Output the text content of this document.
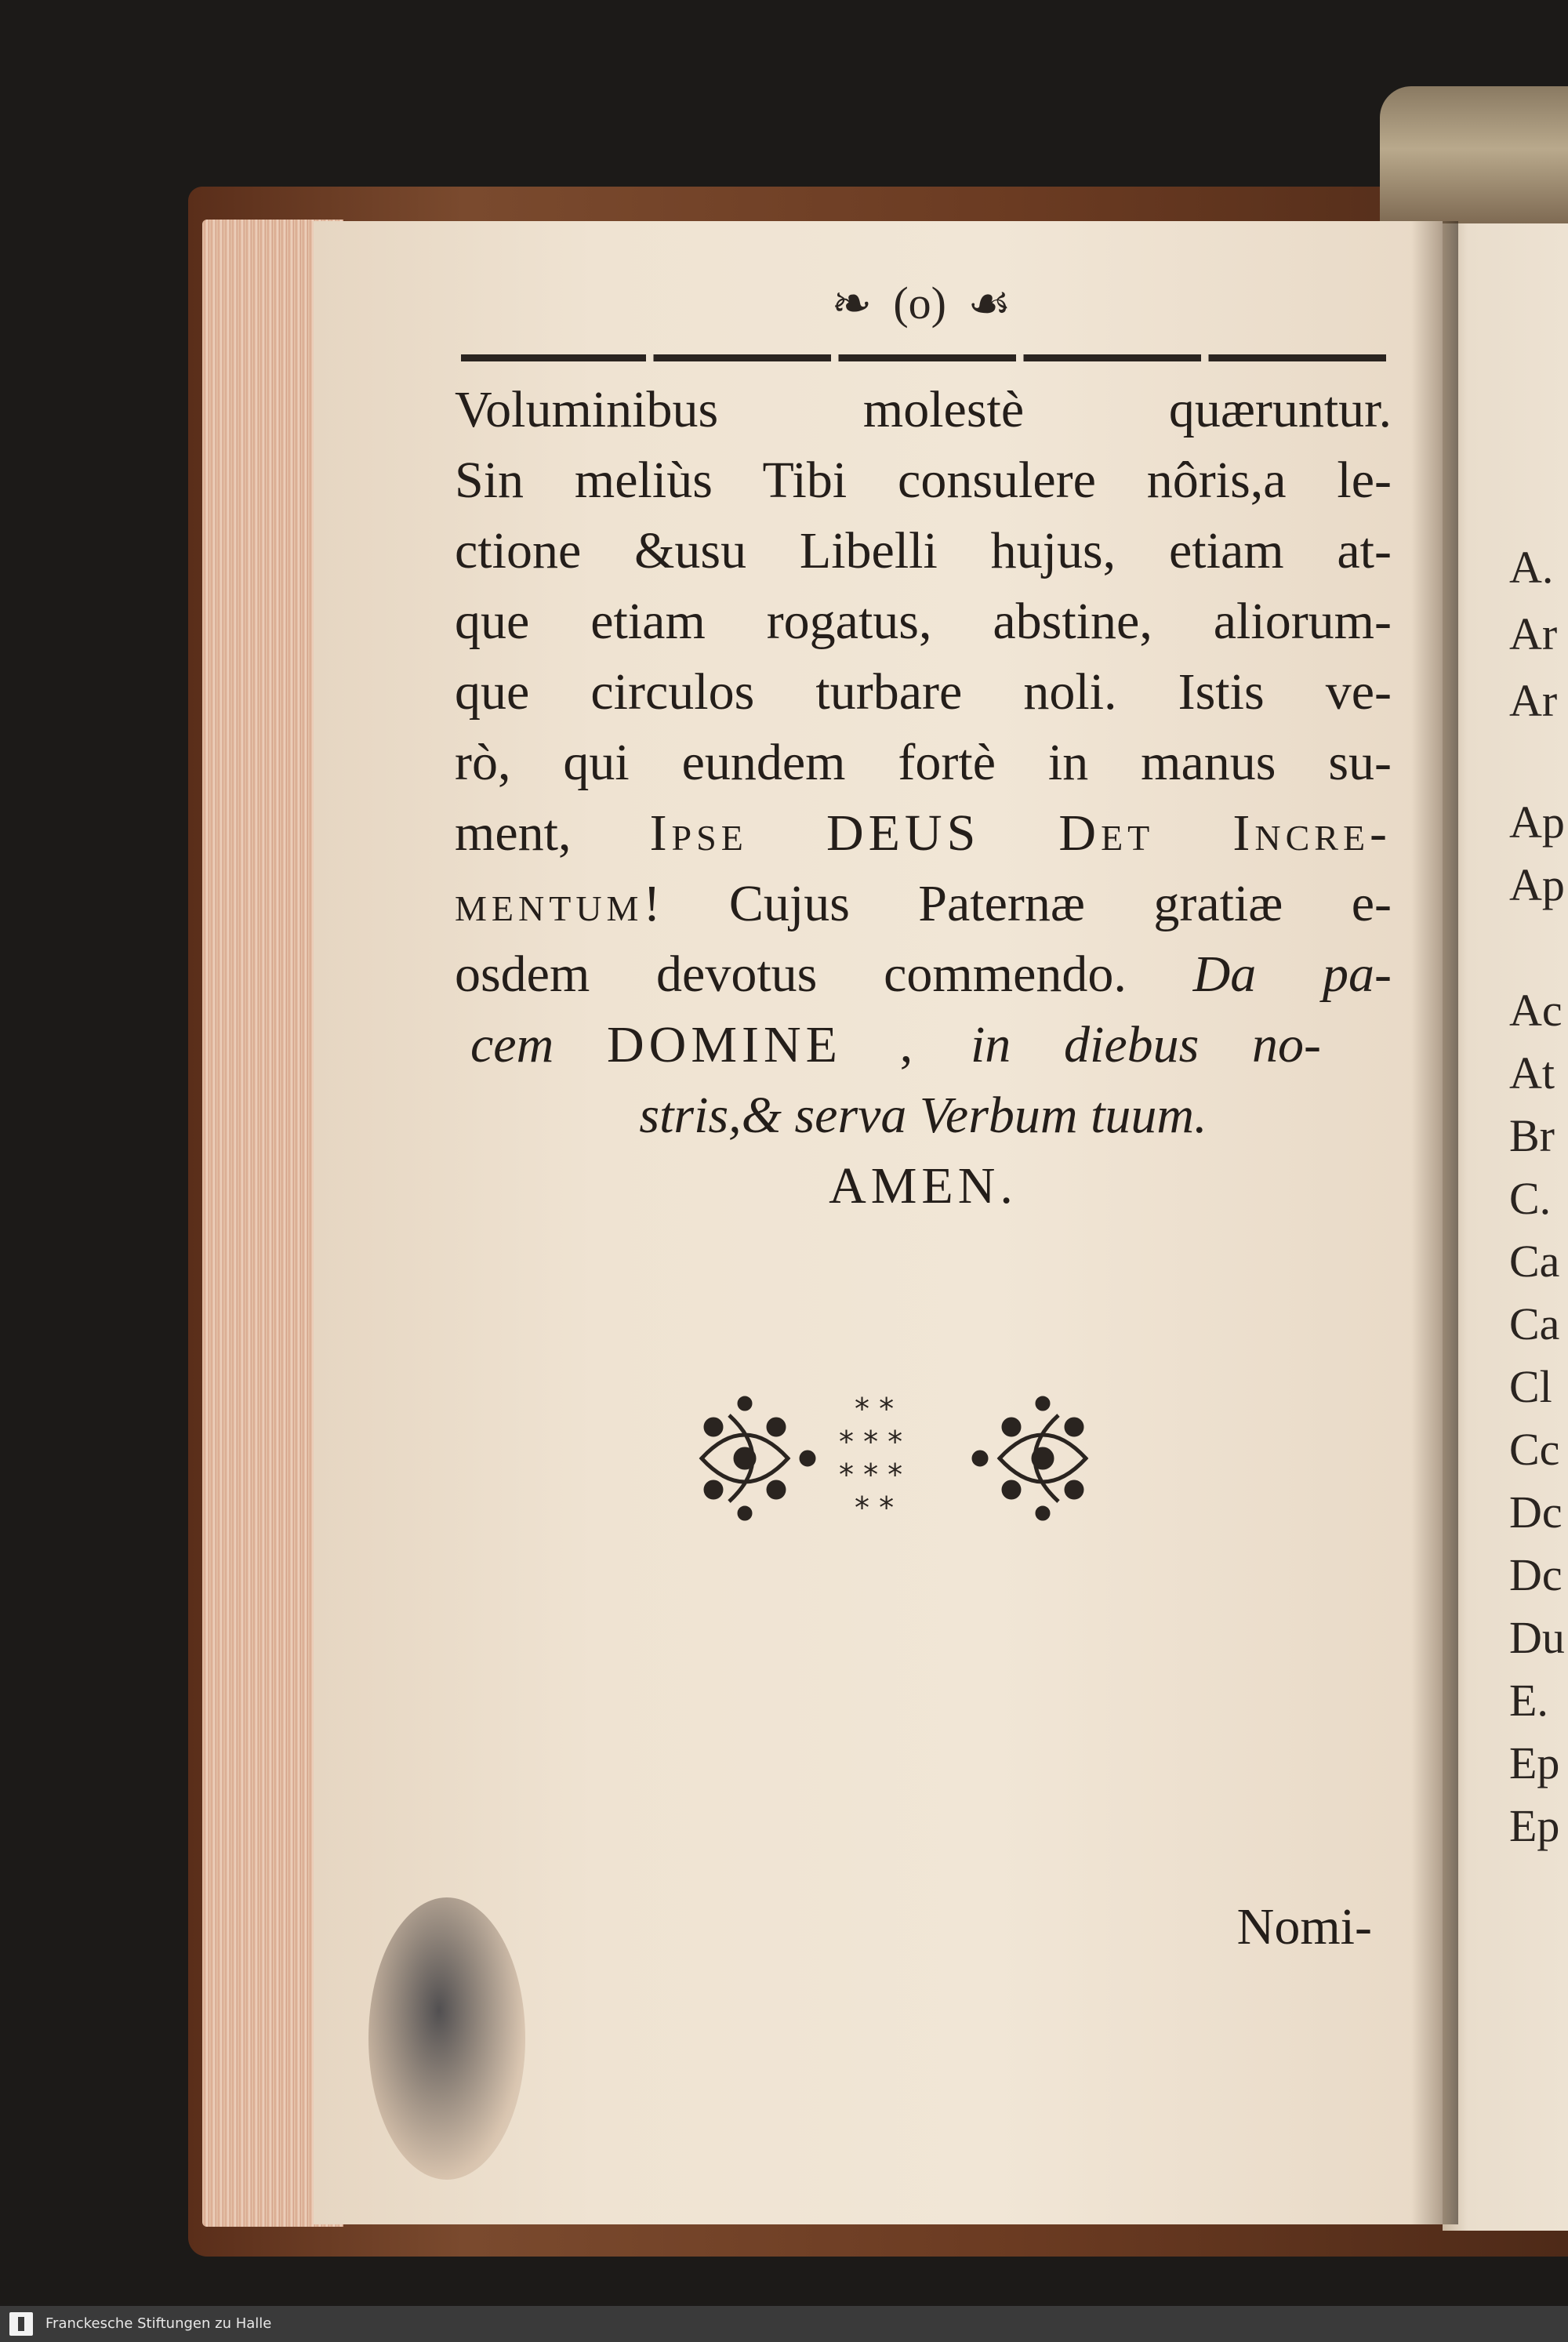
❧ (o) ☙
Voluminibus molestè quæruntur.
Sin meliùs Tibi consulere nôris,a le-
ctione &usu Libelli hujus, etiam at-
que etiam rogatus, abstine, aliorum-
que circulos turbare noli. Istis ve-
rò, qui eundem fortè in manus su-
ment, Ipse DEUS Det Incre-
mentum! Cujus Paternæ gratiæ e-
osdem devotus commendo. Da pa-
cem DOMINE , in diebus no-
stris,& serva Verbum tuum.
AMEN.
* *
* * *
* * *
* *
Nomi-
A.
Ar
Ar
Ap
Ap
Ac
At
Br
C.
Ca
Ca
Cl
Cc
Dc
Dc
Du
E.
Ep
Ep
Franckesche Stiftungen zu Halle
